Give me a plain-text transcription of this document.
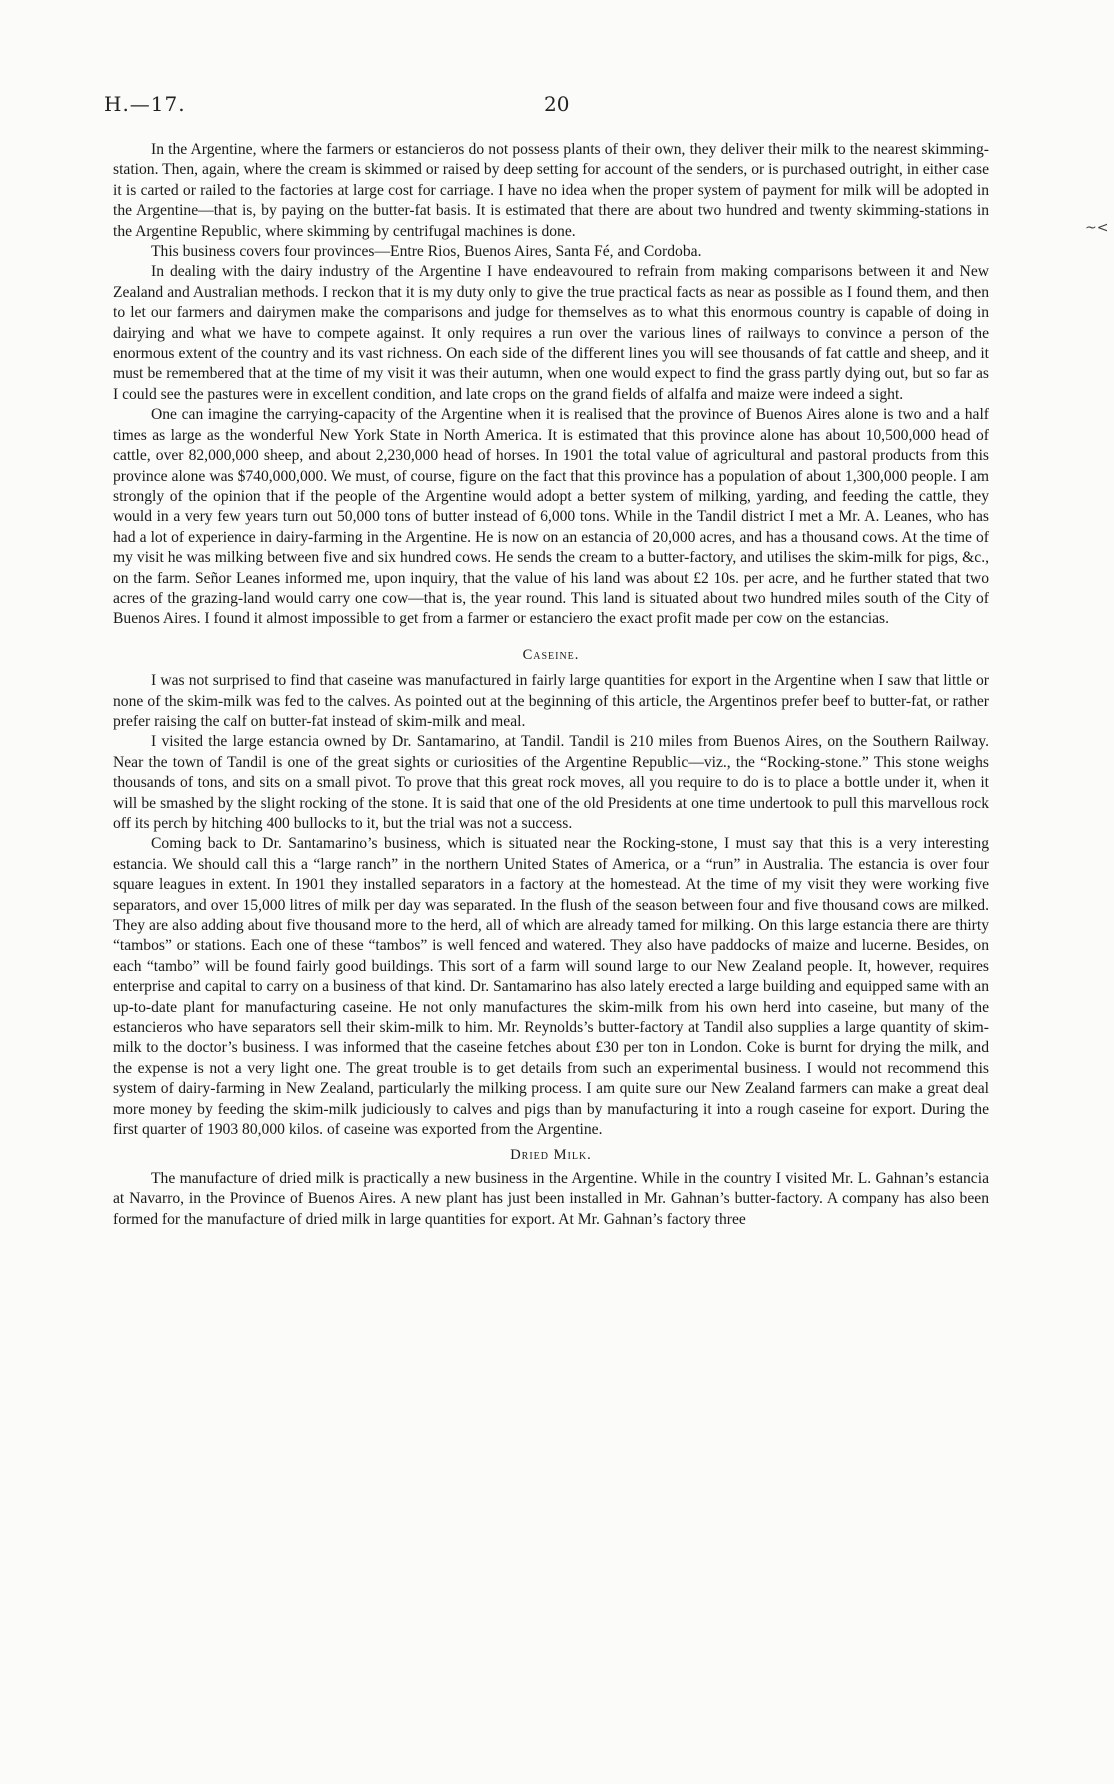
H.—17.	20
~<

In the Argentine, where the farmers or estancieros do not possess plants of their own, they deliver their milk to the nearest skimming-station. Then, again, where the cream is skimmed or raised by deep setting for account of the senders, or is purchased outright, in either case it is carted or railed to the factories at large cost for carriage. I have no idea when the proper system of payment for milk will be adopted in the Argentine—that is, by paying on the butter-fat basis. It is estimated that there are about two hundred and twenty skimming-stations in the Argentine Republic, where skimming by centrifugal machines is done.

This business covers four provinces—Entre Rios, Buenos Aires, Santa Fé, and Cordoba.

In dealing with the dairy industry of the Argentine I have endeavoured to refrain from making comparisons between it and New Zealand and Australian methods. I reckon that it is my duty only to give the true practical facts as near as possible as I found them, and then to let our farmers and dairymen make the comparisons and judge for themselves as to what this enormous country is capable of doing in dairying and what we have to compete against. It only requires a run over the various lines of railways to convince a person of the enormous extent of the country and its vast richness. On each side of the different lines you will see thousands of fat cattle and sheep, and it must be remembered that at the time of my visit it was their autumn, when one would expect to find the grass partly dying out, but so far as I could see the pastures were in excellent condition, and late crops on the grand fields of alfalfa and maize were indeed a sight.

One can imagine the carrying-capacity of the Argentine when it is realised that the province of Buenos Aires alone is two and a half times as large as the wonderful New York State in North America. It is estimated that this province alone has about 10,500,000 head of cattle, over 82,000,000 sheep, and about 2,230,000 head of horses. In 1901 the total value of agricultural and pastoral products from this province alone was $740,000,000. We must, of course, figure on the fact that this province has a population of about 1,300,000 people. I am strongly of the opinion that if the people of the Argentine would adopt a better system of milking, yarding, and feeding the cattle, they would in a very few years turn out 50,000 tons of butter instead of 6,000 tons. While in the Tandil district I met a Mr. A. Leanes, who has had a lot of experience in dairy-farming in the Argentine. He is now on an estancia of 20,000 acres, and has a thousand cows. At the time of my visit he was milking between five and six hundred cows. He sends the cream to a butter-factory, and utilises the skim-milk for pigs, &c., on the farm. Señor Leanes informed me, upon inquiry, that the value of his land was about £2 10s. per acre, and he further stated that two acres of the grazing-land would carry one cow—that is, the year round. This land is situated about two hundred miles south of the City of Buenos Aires. I found it almost impossible to get from a farmer or estanciero the exact profit made per cow on the estancias.

Caseine.

I was not surprised to find that caseine was manufactured in fairly large quantities for export in the Argentine when I saw that little or none of the skim-milk was fed to the calves. As pointed out at the beginning of this article, the Argentinos prefer beef to butter-fat, or rather prefer raising the calf on butter-fat instead of skim-milk and meal.

I visited the large estancia owned by Dr. Santamarino, at Tandil. Tandil is 210 miles from Buenos Aires, on the Southern Railway. Near the town of Tandil is one of the great sights or curiosities of the Argentine Republic—viz., the “Rocking-stone.” This stone weighs thousands of tons, and sits on a small pivot. To prove that this great rock moves, all you require to do is to place a bottle under it, when it will be smashed by the slight rocking of the stone. It is said that one of the old Presidents at one time undertook to pull this marvellous rock off its perch by hitching 400 bullocks to it, but the trial was not a success.

Coming back to Dr. Santamarino’s business, which is situated near the Rocking-stone, I must say that this is a very interesting estancia. We should call this a “large ranch” in the northern United States of America, or a “run” in Australia. The estancia is over four square leagues in extent. In 1901 they installed separators in a factory at the homestead. At the time of my visit they were working five separators, and over 15,000 litres of milk per day was separated. In the flush of the season between four and five thousand cows are milked. They are also adding about five thousand more to the herd, all of which are already tamed for milking. On this large estancia there are thirty “tambos” or stations. Each one of these “tambos” is well fenced and watered. They also have paddocks of maize and lucerne. Besides, on each “tambo” will be found fairly good buildings. This sort of a farm will sound large to our New Zealand people. It, however, requires enterprise and capital to carry on a business of that kind. Dr. Santamarino has also lately erected a large building and equipped same with an up-to-date plant for manufacturing caseine. He not only manufactures the skim-milk from his own herd into caseine, but many of the estancieros who have separators sell their skim-milk to him. Mr. Reynolds’s butter-factory at Tandil also supplies a large quantity of skim-milk to the doctor’s business. I was informed that the caseine fetches about £30 per ton in London. Coke is burnt for drying the milk, and the expense is not a very light one. The great trouble is to get details from such an experimental business. I would not recommend this system of dairy-farming in New Zealand, particularly the milking process. I am quite sure our New Zealand farmers can make a great deal more money by feeding the skim-milk judiciously to calves and pigs than by manufacturing it into a rough caseine for export. During the first quarter of 1903 80,000 kilos. of caseine was exported from the Argentine.

Dried Milk.

The manufacture of dried milk is practically a new business in the Argentine. While in the country I visited Mr. L. Gahnan’s estancia at Navarro, in the Province of Buenos Aires. A new plant has just been installed in Mr. Gahnan’s butter-factory. A company has also been formed for the manufacture of dried milk in large quantities for export. At Mr. Gahnan’s factory three
